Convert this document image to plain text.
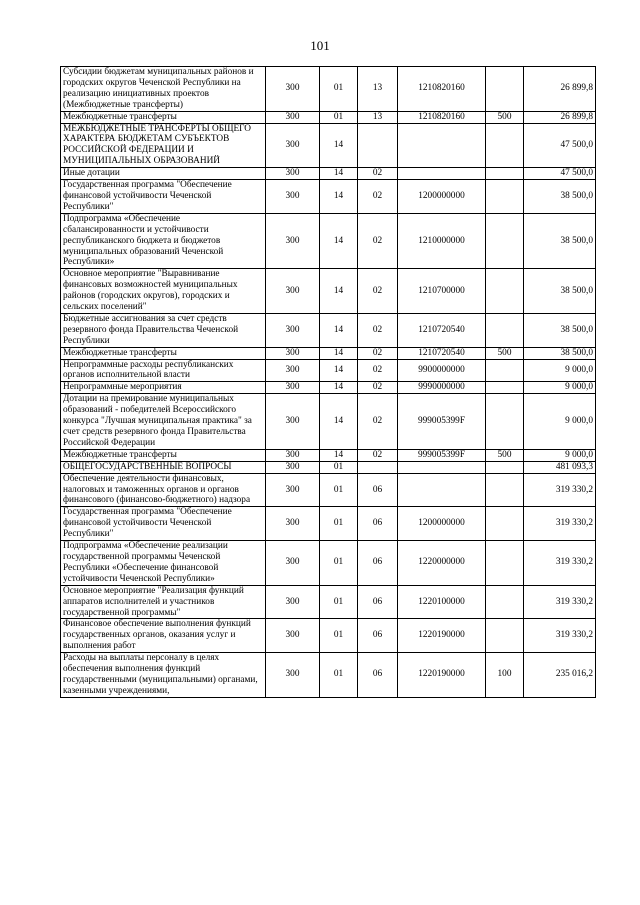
101
Субсидии бюджетам муниципальных районов и городских округов Чеченской Республики на реализацию инициативных проектов (Межбюджетные трансферты)	300	01	13	1210820160		26 899,8
Межбюджетные трансферты	300	01	13	1210820160	500	26 899,8
МЕЖБЮДЖЕТНЫЕ ТРАНСФЕРТЫ ОБЩЕГО ХАРАКТЕРА БЮДЖЕТАМ СУБЪЕКТОВ РОССИЙСКОЙ ФЕДЕРАЦИИ И МУНИЦИПАЛЬНЫХ ОБРАЗОВАНИЙ	300	14				47 500,0
Иные дотации	300	14	02			47 500,0
Государственная программа "Обеспечение финансовой устойчивости Чеченской Республики"	300	14	02	1200000000		38 500,0
Подпрограмма «Обеспечение сбалансированности и устойчивости республиканского бюджета и бюджетов муниципальных образований Чеченской Республики»	300	14	02	1210000000		38 500,0
Основное мероприятие "Выравнивание финансовых возможностей муниципальных районов (городских округов), городских и сельских поселений"	300	14	02	1210700000		38 500,0
Бюджетные ассигнования за счет средств резервного фонда Правительства Чеченской Республики	300	14	02	1210720540		38 500,0
Межбюджетные трансферты	300	14	02	1210720540	500	38 500,0
Непрограммные расходы республиканских органов исполнительной власти	300	14	02	9900000000		9 000,0
Непрограммные мероприятия	300	14	02	9990000000		9 000,0
Дотации на премирование муниципальных образований - победителей Всероссийского конкурса "Лучшая муниципальная практика" за счет средств резервного фонда Правительства Российской Федерации	300	14	02	999005399F		9 000,0
Межбюджетные трансферты	300	14	02	999005399F	500	9 000,0
ОБЩЕГОСУДАРСТВЕННЫЕ ВОПРОСЫ	300	01				481 093,3
Обеспечение деятельности финансовых, налоговых и таможенных органов и органов финансового (финансово-бюджетного) надзора	300	01	06			319 330,2
Государственная программа "Обеспечение финансовой устойчивости Чеченской Республики"	300	01	06	1200000000		319 330,2
Подпрограмма «Обеспечение реализации государственной программы Чеченской Республики «Обеспечение финансовой устойчивости Чеченской Республики»	300	01	06	1220000000		319 330,2
Основное мероприятие "Реализация функций аппаратов исполнителей и участников государственной программы"	300	01	06	1220100000		319 330,2
Финансовое обеспечение выполнения функций государственных органов, оказания услуг и выполнения работ	300	01	06	1220190000		319 330,2
Расходы на выплаты персоналу в целях обеспечения выполнения функций государственными (муниципальными) органами, казенными учреждениями,	300	01	06	1220190000	100	235 016,2
